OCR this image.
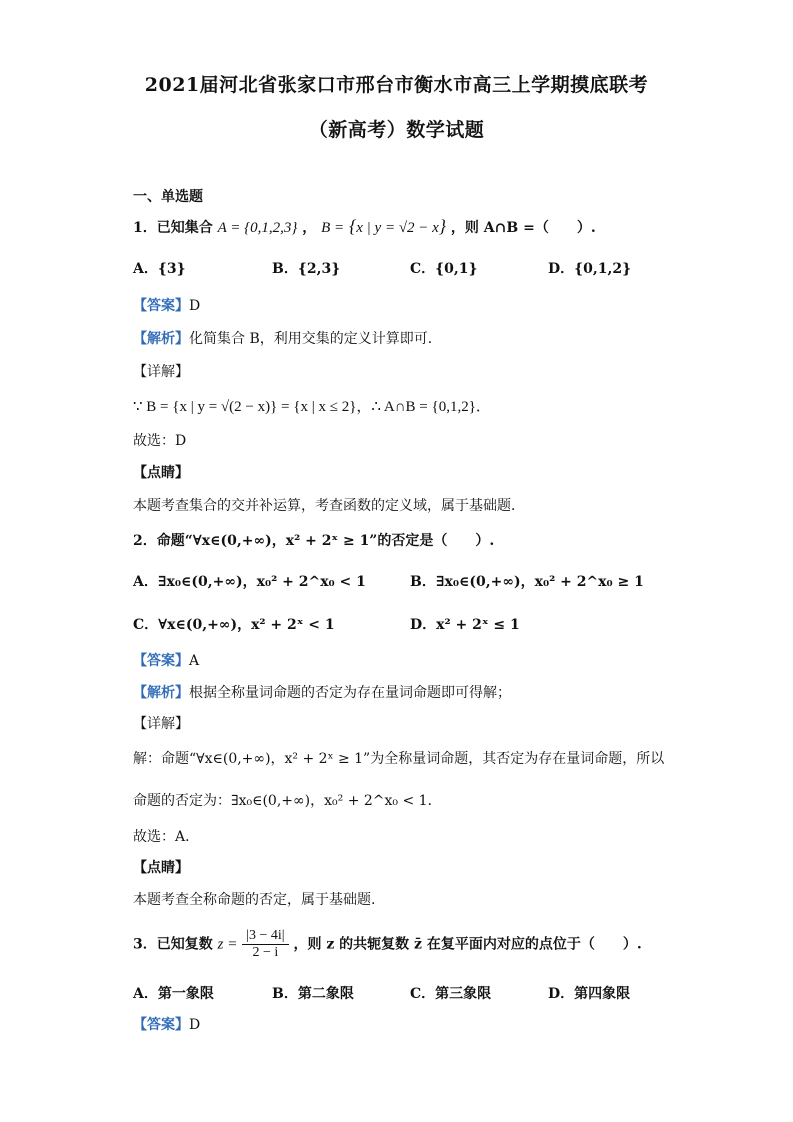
2021届河北省张家口市邢台市衡水市高三上学期摸底联考
（新高考）数学试题
一、单选题
1．已知集合 A = {0,1,2,3} ， B = {x | y = √2 − x} ，则 A∩B =（　　）.
A．{3}	B．{2,3}	C．{0,1}	D．{0,1,2}
【答案】D
【解析】化简集合 B，利用交集的定义计算即可．
【详解】
∵ B = {x | y = √(2 − x)} = {x | x ≤ 2}，∴ A∩B = {0,1,2}．
故选：D
【点睛】
本题考查集合的交并补运算，考查函数的定义域，属于基础题．
2．命题“∀x∈(0,+∞)，x² + 2ˣ ≥ 1”的否定是（　　）.
A．∃x₀∈(0,+∞)，x₀² + 2^x₀ < 1	B．∃x₀∈(0,+∞)，x₀² + 2^x₀ ≥ 1
C．∀x∈(0,+∞)，x² + 2ˣ < 1	D．x² + 2ˣ ≤ 1
【答案】A
【解析】根据全称量词命题的否定为存在量词命题即可得解；
【详解】
解：命题“∀x∈(0,+∞)，x² + 2ˣ ≥ 1”为全称量词命题，其否定为存在量词命题，所以
命题的否定为：∃x₀∈(0,+∞)，x₀² + 2^x₀ < 1．
故选：A．
【点睛】
本题考查全称命题的否定，属于基础题.
3．已知复数 $z = \frac{|3 - 4i|}{2 - i}$ ，则 z 的共轭复数 z̄ 在复平面内对应的点位于（　　）.
A．第一象限	B．第二象限	C．第三象限	D．第四象限
【答案】D
